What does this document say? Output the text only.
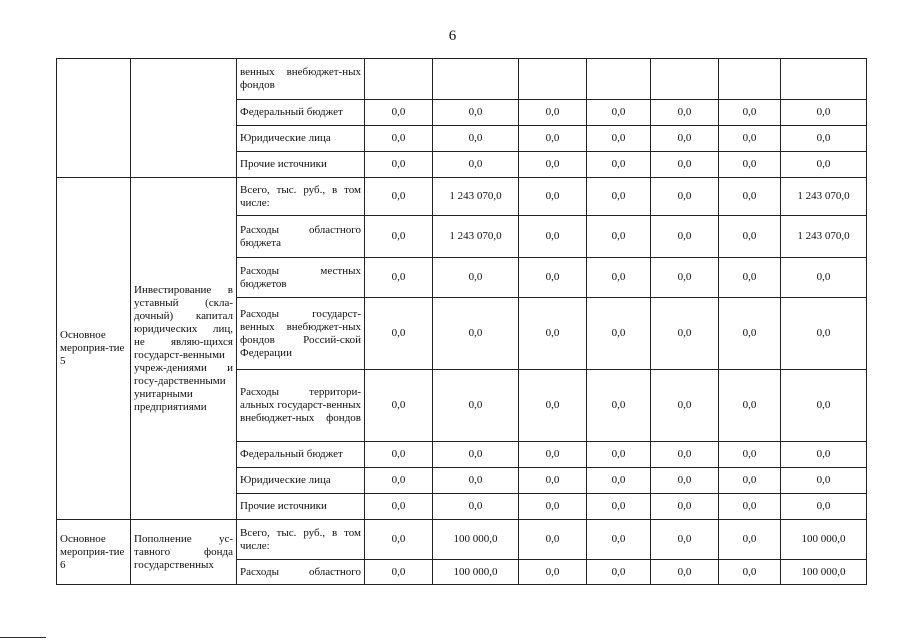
6
		венных внебюджет-ных фондов							
		Федеральный бюджет	0,0	0,0	0,0	0,0	0,0	0,0	0,0
		Юридические лица	0,0	0,0	0,0	0,0	0,0	0,0	0,0
		Прочие источники	0,0	0,0	0,0	0,0	0,0	0,0	0,0
Основное мероприя-тие 5	Инвестирование в уставный (скла-дочный) капитал юридических лиц, не являю-щихся государст-венными учреж-дениями и госу-дарственными унитарными предприятиями	Всего, тыс. руб., в том числе:	0,0	1 243 070,0	0,0	0,0	0,0	0,0	1 243 070,0
		Расходы областного бюджета	0,0	1 243 070,0	0,0	0,0	0,0	0,0	1 243 070,0
		Расходы местных бюджетов	0,0	0,0	0,0	0,0	0,0	0,0	0,0
		Расходы государст-венных внебюджет-ных фондов Россий-ской Федерации	0,0	0,0	0,0	0,0	0,0	0,0	0,0
		Расходы территори-альных государст-венных внебюджет-ных фондов	0,0	0,0	0,0	0,0	0,0	0,0	0,0
		Федеральный бюджет	0,0	0,0	0,0	0,0	0,0	0,0	0,0
		Юридические лица	0,0	0,0	0,0	0,0	0,0	0,0	0,0
		Прочие источники	0,0	0,0	0,0	0,0	0,0	0,0	0,0
Основное мероприя-тие 6	Пополнение ус-тавного фонда государственных	Всего, тыс. руб., в том числе:	0,0	100 000,0	0,0	0,0	0,0	0,0	100 000,0
		Расходы областного	0,0	100 000,0	0,0	0,0	0,0	0,0	100 000,0
